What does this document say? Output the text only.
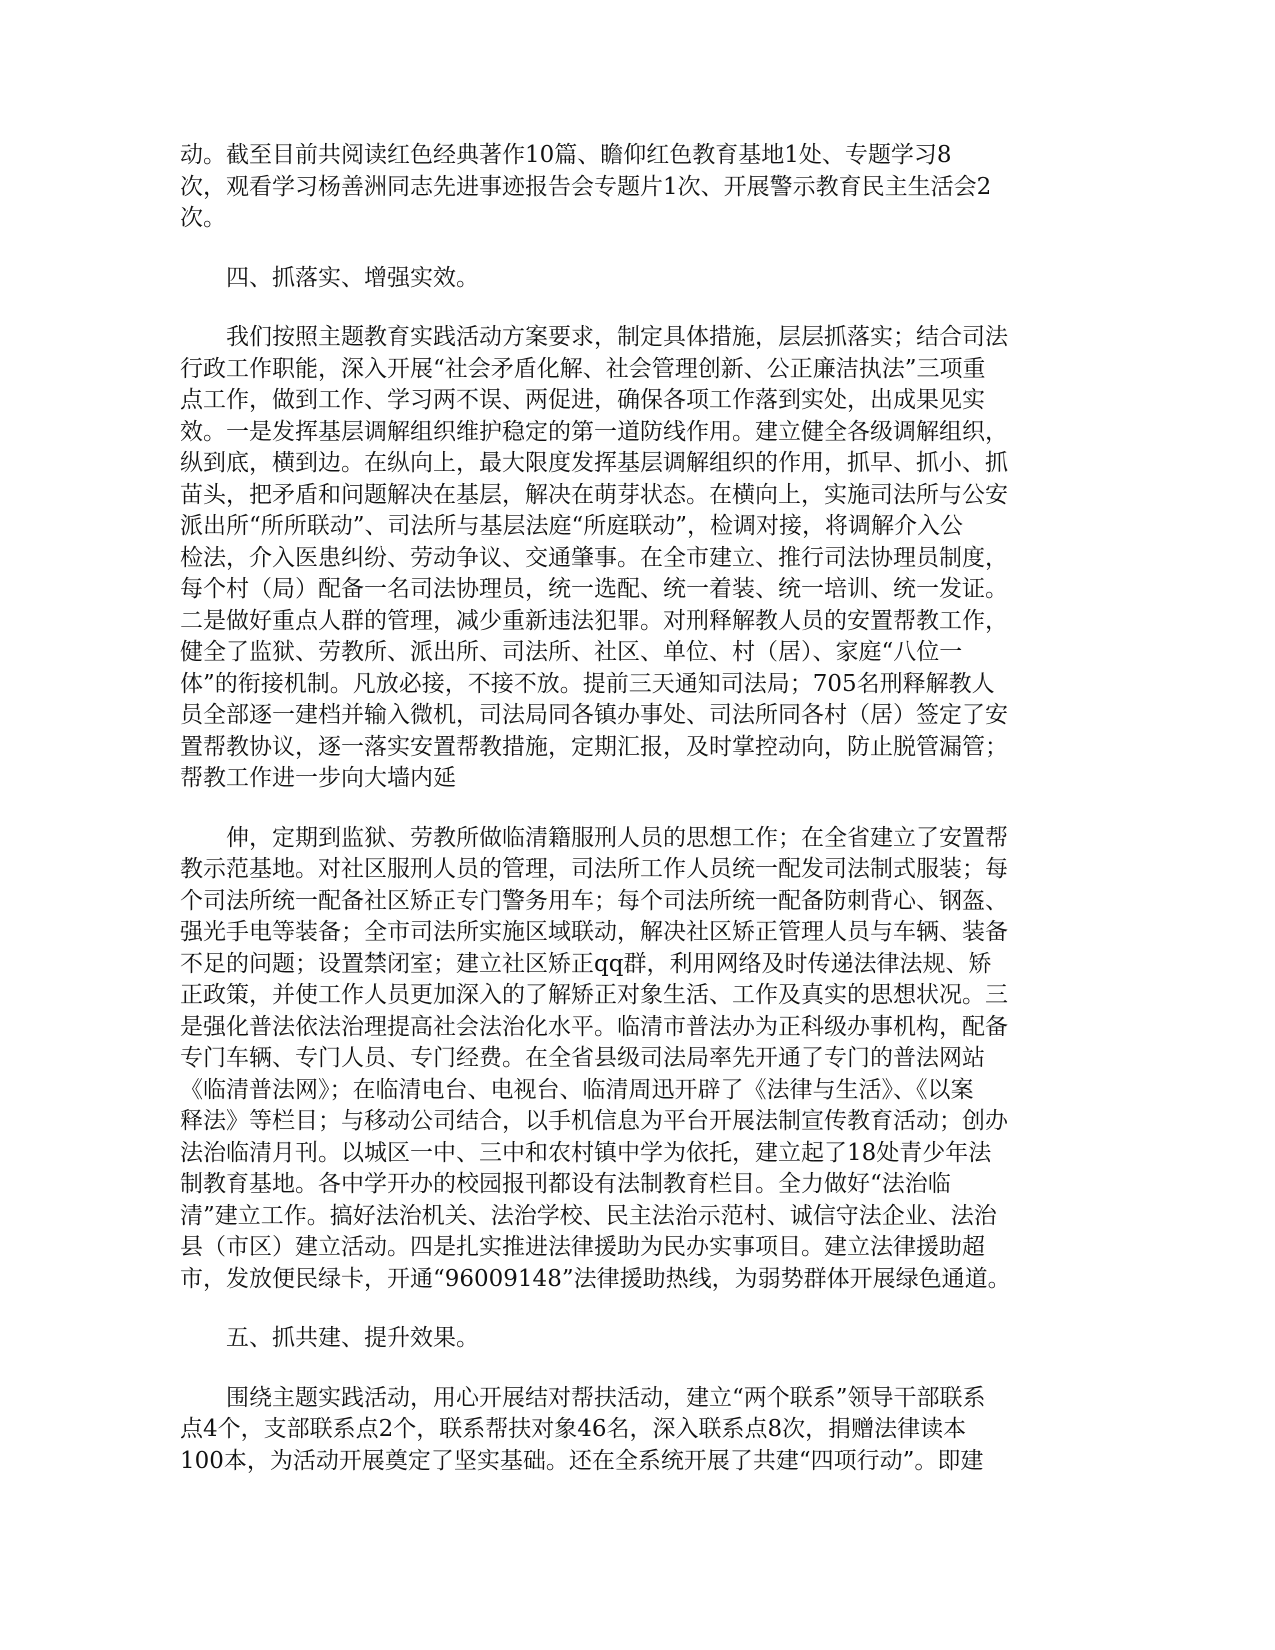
动。截至目前共阅读红色经典著作10篇、瞻仰红色教育基地1处、专题学习8
次，观看学习杨善洲同志先进事迹报告会专题片1次、开展警示教育民主生活会2
次。

四、抓落实、增强实效。

　　我们按照主题教育实践活动方案要求，制定具体措施，层层抓落实；结合司法
行政工作职能，深入开展“社会矛盾化解、社会管理创新、公正廉洁执法”三项重
点工作，做到工作、学习两不误、两促进，确保各项工作落到实处，出成果见实
效。一是发挥基层调解组织维护稳定的第一道防线作用。建立健全各级调解组织，
纵到底，横到边。在纵向上，最大限度发挥基层调解组织的作用，抓早、抓小、抓
苗头，把矛盾和问题解决在基层，解决在萌芽状态。在横向上，实施司法所与公安
派出所“所所联动”、司法所与基层法庭“所庭联动”，检调对接，将调解介入公
检法，介入医患纠纷、劳动争议、交通肇事。在全市建立、推行司法协理员制度，
每个村（局）配备一名司法协理员，统一选配、统一着装、统一培训、统一发证。
二是做好重点人群的管理，减少重新违法犯罪。对刑释解教人员的安置帮教工作，
健全了监狱、劳教所、派出所、司法所、社区、单位、村（居）、家庭“八位一
体”的衔接机制。凡放必接，不接不放。提前三天通知司法局；705名刑释解教人
员全部逐一建档并输入微机，司法局同各镇办事处、司法所同各村（居）签定了安
置帮教协议，逐一落实安置帮教措施，定期汇报，及时掌控动向，防止脱管漏管；
帮教工作进一步向大墙内延

　　伸，定期到监狱、劳教所做临清籍服刑人员的思想工作；在全省建立了安置帮
教示范基地。对社区服刑人员的管理，司法所工作人员统一配发司法制式服装；每
个司法所统一配备社区矫正专门警务用车；每个司法所统一配备防刺背心、钢盔、
强光手电等装备；全市司法所实施区域联动，解决社区矫正管理人员与车辆、装备
不足的问题；设置禁闭室；建立社区矫正qq群，利用网络及时传递法律法规、矫
正政策，并使工作人员更加深入的了解矫正对象生活、工作及真实的思想状况。三
是强化普法依法治理提高社会法治化水平。临清市普法办为正科级办事机构，配备
专门车辆、专门人员、专门经费。在全省县级司法局率先开通了专门的普法网站
《临清普法网》；在临清电台、电视台、临清周迅开辟了《法律与生活》、《以案
释法》等栏目；与移动公司结合，以手机信息为平台开展法制宣传教育活动；创办
法治临清月刊。以城区一中、三中和农村镇中学为依托，建立起了18处青少年法
制教育基地。各中学开办的校园报刊都设有法制教育栏目。全力做好“法治临
清”建立工作。搞好法治机关、法治学校、民主法治示范村、诚信守法企业、法治
县（市区）建立活动。四是扎实推进法律援助为民办实事项目。建立法律援助超
市，发放便民绿卡，开通“96009148”法律援助热线，为弱势群体开展绿色通道。

五、抓共建、提升效果。

　　围绕主题实践活动，用心开展结对帮扶活动，建立“两个联系”领导干部联系
点4个，支部联系点2个，联系帮扶对象46名，深入联系点8次，捐赠法律读本
100本，为活动开展奠定了坚实基础。还在全系统开展了共建“四项行动”。即建
